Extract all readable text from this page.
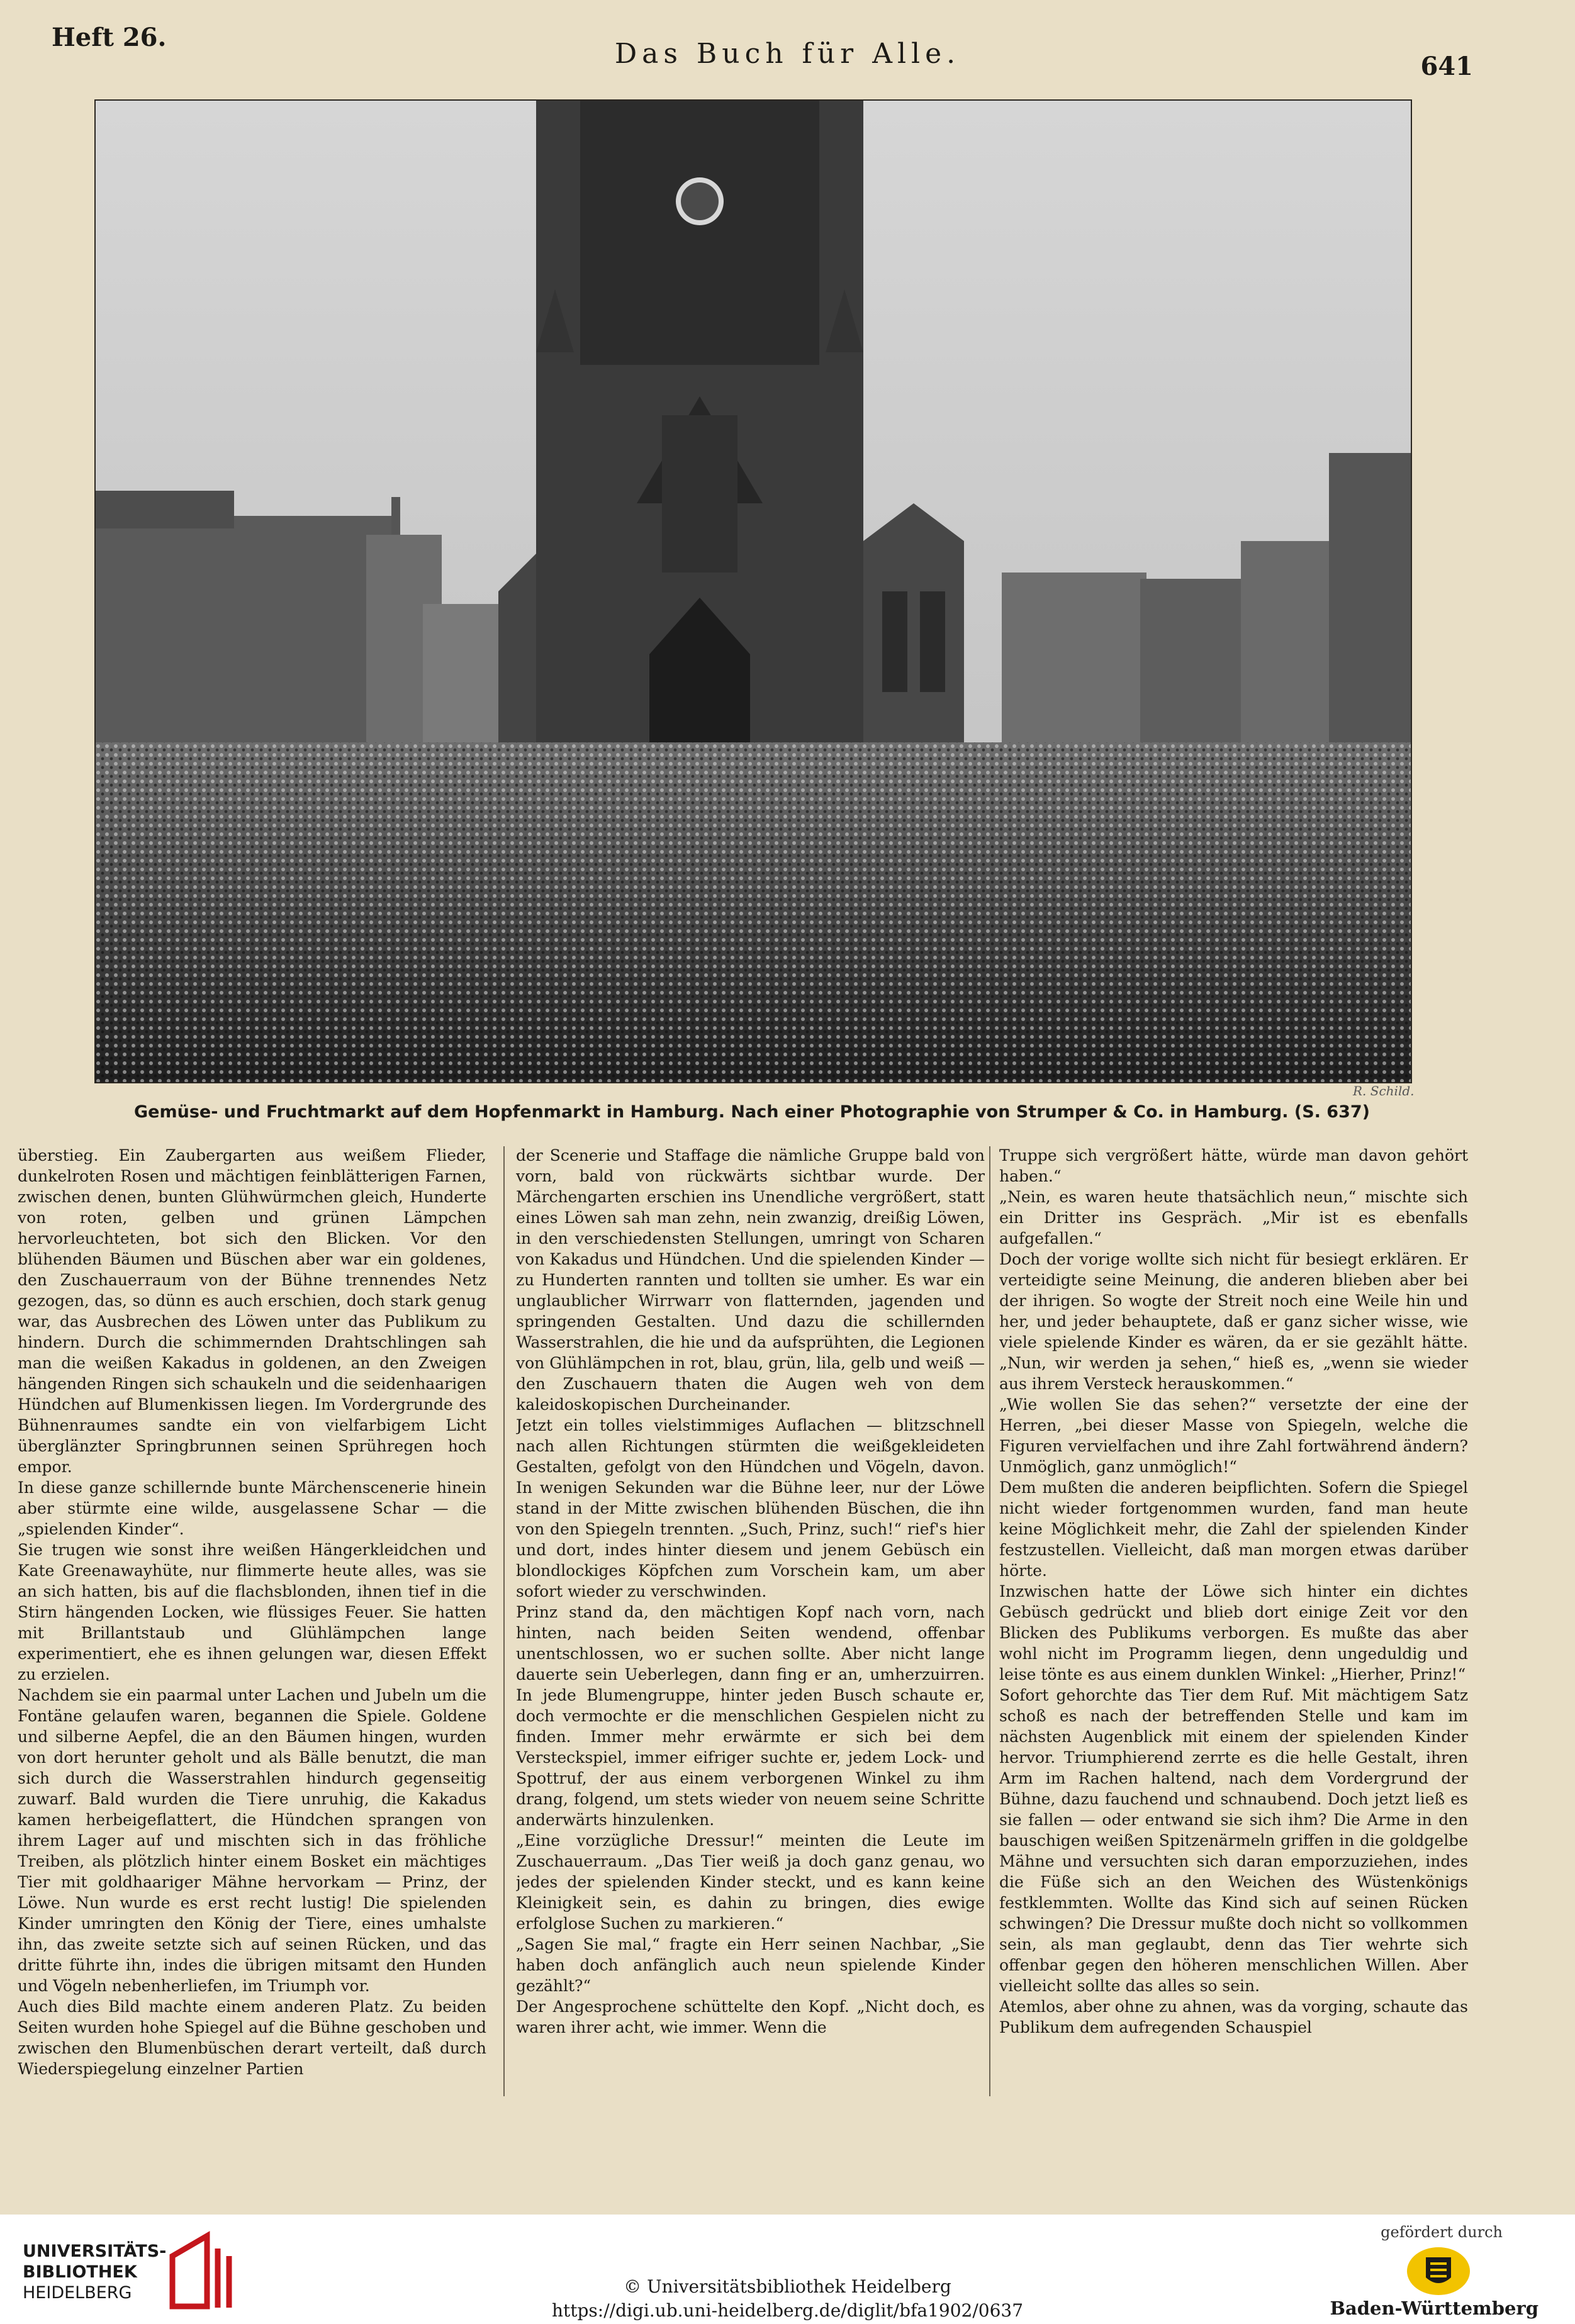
Heft 26.
Das Buch für Alle.	641
R. Schild.
Gemüse- und Fruchtmarkt auf dem Hopfenmarkt in Hamburg. Nach einer Photographie von Strumper & Co. in Hamburg. (S. 637)

überstieg. Ein Zaubergarten aus weißem Flieder, dunkelroten Rosen und mächtigen feinblätterigen Farnen, zwischen denen, bunten Glühwürmchen gleich, Hunderte von roten, gelben und grünen Lämpchen hervorleuchteten, bot sich den Blicken. Vor den blühenden Bäumen und Büschen aber war ein goldenes, den Zuschauerraum von der Bühne trennendes Netz gezogen, das, so dünn es auch erschien, doch stark genug war, das Ausbrechen des Löwen unter das Publikum zu hindern. Durch die schimmernden Drahtschlingen sah man die weißen Kakadus in goldenen, an den Zweigen hängenden Ringen sich schaukeln und die seidenhaarigen Hündchen auf Blumenkissen liegen. Im Vordergrunde des Bühnenraumes sandte ein von vielfarbigem Licht überglänzter Springbrunnen seinen Sprühregen hoch empor.

In diese ganze schillernde bunte Märchenscenerie hinein aber stürmte eine wilde, ausgelassene Schar — die „spielenden Kinder“.

Sie trugen wie sonst ihre weißen Hängerkleidchen und Kate Greenawayhüte, nur flimmerte heute alles, was sie an sich hatten, bis auf die flachsblonden, ihnen tief in die Stirn hängenden Locken, wie flüssiges Feuer. Sie hatten mit Brillantstaub und Glühlämpchen lange experimentiert, ehe es ihnen gelungen war, diesen Effekt zu erzielen.

Nachdem sie ein paarmal unter Lachen und Jubeln um die Fontäne gelaufen waren, begannen die Spiele. Goldene und silberne Aepfel, die an den Bäumen hingen, wurden von dort herunter geholt und als Bälle benutzt, die man sich durch die Wasserstrahlen hindurch gegenseitig zuwarf. Bald wurden die Tiere unruhig, die Kakadus kamen herbeigeflattert, die Hündchen sprangen von ihrem Lager auf und mischten sich in das fröhliche Treiben, als plötzlich hinter einem Bosket ein mächtiges Tier mit goldhaariger Mähne hervorkam — Prinz, der Löwe. Nun wurde es erst recht lustig! Die spielenden Kinder umringten den König der Tiere, eines umhalste ihn, das zweite setzte sich auf seinen Rücken, und das dritte führte ihn, indes die übrigen mitsamt den Hunden und Vögeln nebenherliefen, im Triumph vor.

Auch dies Bild machte einem anderen Platz. Zu beiden Seiten wurden hohe Spiegel auf die Bühne geschoben und zwischen den Blumenbüschen derart verteilt, daß durch Wiederspiegelung einzelner Partien

der Scenerie und Staffage die nämliche Gruppe bald von vorn, bald von rückwärts sichtbar wurde. Der Märchengarten erschien ins Unendliche vergrößert, statt eines Löwen sah man zehn, nein zwanzig, dreißig Löwen, in den verschiedensten Stellungen, umringt von Scharen von Kakadus und Hündchen. Und die spielenden Kinder — zu Hunderten rannten und tollten sie umher. Es war ein unglaublicher Wirrwarr von flatternden, jagenden und springenden Gestalten. Und dazu die schillernden Wasserstrahlen, die hie und da aufsprühten, die Legionen von Glühlämpchen in rot, blau, grün, lila, gelb und weiß — den Zuschauern thaten die Augen weh von dem kaleidoskopischen Durcheinander.

Jetzt ein tolles vielstimmiges Auflachen — blitzschnell nach allen Richtungen stürmten die weißgekleideten Gestalten, gefolgt von den Hündchen und Vögeln, davon. In wenigen Sekunden war die Bühne leer, nur der Löwe stand in der Mitte zwischen blühenden Büschen, die ihn von den Spiegeln trennten. „Such, Prinz, such!“ rief's hier und dort, indes hinter diesem und jenem Gebüsch ein blondlockiges Köpfchen zum Vorschein kam, um aber sofort wieder zu verschwinden.

Prinz stand da, den mächtigen Kopf nach vorn, nach hinten, nach beiden Seiten wendend, offenbar unentschlossen, wo er suchen sollte. Aber nicht lange dauerte sein Ueberlegen, dann fing er an, umherzuirren. In jede Blumengruppe, hinter jeden Busch schaute er, doch vermochte er die menschlichen Gespielen nicht zu finden. Immer mehr erwärmte er sich bei dem Versteckspiel, immer eifriger suchte er, jedem Lock- und Spottruf, der aus einem verborgenen Winkel zu ihm drang, folgend, um stets wieder von neuem seine Schritte anderwärts hinzulenken.

„Eine vorzügliche Dressur!“ meinten die Leute im Zuschauerraum. „Das Tier weiß ja doch ganz genau, wo jedes der spielenden Kinder steckt, und es kann keine Kleinigkeit sein, es dahin zu bringen, dies ewige erfolglose Suchen zu markieren.“

„Sagen Sie mal,“ fragte ein Herr seinen Nachbar, „Sie haben doch anfänglich auch neun spielende Kinder gezählt?“

Der Angesprochene schüttelte den Kopf. „Nicht doch, es waren ihrer acht, wie immer. Wenn die

Truppe sich vergrößert hätte, würde man davon gehört haben.“

„Nein, es waren heute thatsächlich neun,“ mischte sich ein Dritter ins Gespräch. „Mir ist es ebenfalls aufgefallen.“

Doch der vorige wollte sich nicht für besiegt erklären. Er verteidigte seine Meinung, die anderen blieben aber bei der ihrigen. So wogte der Streit noch eine Weile hin und her, und jeder behauptete, daß er ganz sicher wisse, wie viele spielende Kinder es wären, da er sie gezählt hätte. „Nun, wir werden ja sehen,“ hieß es, „wenn sie wieder aus ihrem Versteck herauskommen.“

„Wie wollen Sie das sehen?“ versetzte der eine der Herren, „bei dieser Masse von Spiegeln, welche die Figuren vervielfachen und ihre Zahl fortwährend ändern? Unmöglich, ganz unmöglich!“

Dem mußten die anderen beipflichten. Sofern die Spiegel nicht wieder fortgenommen wurden, fand man heute keine Möglichkeit mehr, die Zahl der spielenden Kinder festzustellen. Vielleicht, daß man morgen etwas darüber hörte.

Inzwischen hatte der Löwe sich hinter ein dichtes Gebüsch gedrückt und blieb dort einige Zeit vor den Blicken des Publikums verborgen. Es mußte das aber wohl nicht im Programm liegen, denn ungeduldig und leise tönte es aus einem dunklen Winkel: „Hierher, Prinz!“

Sofort gehorchte das Tier dem Ruf. Mit mächtigem Satz schoß es nach der betreffenden Stelle und kam im nächsten Augenblick mit einem der spielenden Kinder hervor. Triumphierend zerrte es die helle Gestalt, ihren Arm im Rachen haltend, nach dem Vordergrund der Bühne, dazu fauchend und schnaubend. Doch jetzt ließ es sie fallen — oder entwand sie sich ihm? Die Arme in den bauschigen weißen Spitzenärmeln griffen in die goldgelbe Mähne und versuchten sich daran emporzuziehen, indes die Füße sich an den Weichen des Wüstenkönigs festklemmten. Wollte das Kind sich auf seinen Rücken schwingen? Die Dressur mußte doch nicht so vollkommen sein, als man geglaubt, denn das Tier wehrte sich offenbar gegen den höheren menschlichen Willen. Aber vielleicht sollte das alles so sein.

Atemlos, aber ohne zu ahnen, was da vorging, schaute das Publikum dem aufregenden Schauspiel

UNIVERSITÄTS-
BIBLIOTHEK
HEIDELBERG	© Universitätsbibliothek Heidelberg
https://digi.ub.uni-heidelberg.de/diglit/bfa1902/0637
gefördert durch
Baden-Württemberg
